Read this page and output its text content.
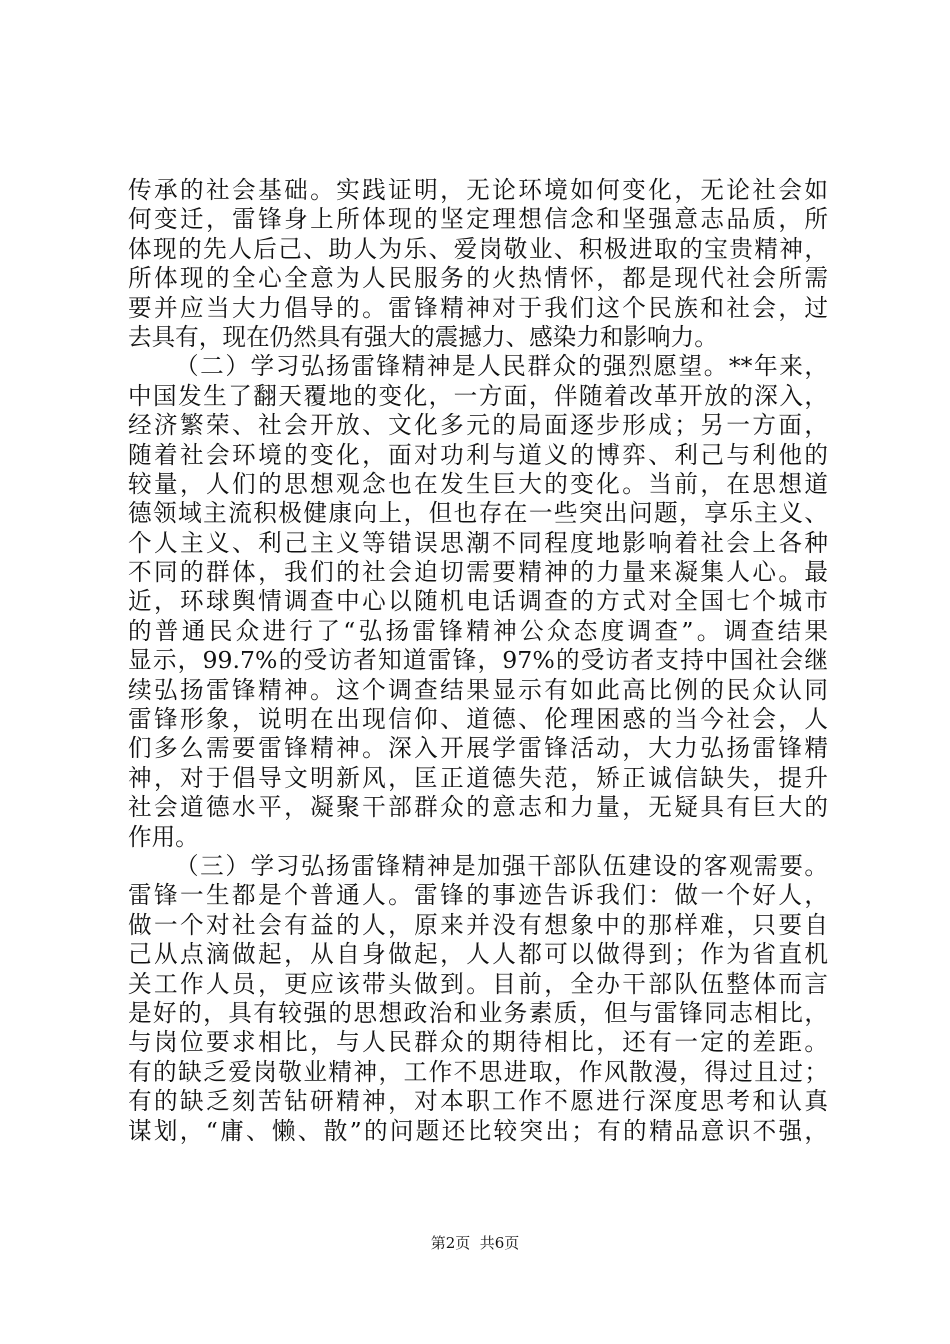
传承的社会基础。实践证明，无论环境如何变化，无论社会如
何变迁，雷锋身上所体现的坚定理想信念和坚强意志品质，所
体现的先人后己、助人为乐、爱岗敬业、积极进取的宝贵精神，
所体现的全心全意为人民服务的火热情怀，都是现代社会所需
要并应当大力倡导的。雷锋精神对于我们这个民族和社会，过
去具有，现在仍然具有强大的震撼力、感染力和影响力。
（二）学习弘扬雷锋精神是人民群众的强烈愿望。**年来，
中国发生了翻天覆地的变化，一方面，伴随着改革开放的深入，
经济繁荣、社会开放、文化多元的局面逐步形成；另一方面，
随着社会环境的变化，面对功利与道义的博弈、利己与利他的
较量，人们的思想观念也在发生巨大的变化。当前，在思想道
德领域主流积极健康向上，但也存在一些突出问题，享乐主义、
个人主义、利己主义等错误思潮不同程度地影响着社会上各种
不同的群体，我们的社会迫切需要精神的力量来凝集人心。最
近，环球舆情调查中心以随机电话调查的方式对全国七个城市
的普通民众进行了“弘扬雷锋精神公众态度调查”。调查结果
显示，99.7%的受访者知道雷锋，97%的受访者支持中国社会继
续弘扬雷锋精神。这个调查结果显示有如此高比例的民众认同
雷锋形象，说明在出现信仰、道德、伦理困惑的当今社会，人
们多么需要雷锋精神。深入开展学雷锋活动，大力弘扬雷锋精
神，对于倡导文明新风，匡正道德失范，矫正诚信缺失，提升
社会道德水平，凝聚干部群众的意志和力量，无疑具有巨大的
作用。
（三）学习弘扬雷锋精神是加强干部队伍建设的客观需要。
雷锋一生都是个普通人。雷锋的事迹告诉我们：做一个好人，
做一个对社会有益的人，原来并没有想象中的那样难，只要自
己从点滴做起，从自身做起，人人都可以做得到；作为省直机
关工作人员，更应该带头做到。目前，全办干部队伍整体而言
是好的，具有较强的思想政治和业务素质，但与雷锋同志相比，
与岗位要求相比，与人民群众的期待相比，还有一定的差距。
有的缺乏爱岗敬业精神，工作不思进取，作风散漫，得过且过；
有的缺乏刻苦钻研精神，对本职工作不愿进行深度思考和认真
谋划，“庸、懒、散”的问题还比较突出；有的精品意识不强，
第2页  共6页
